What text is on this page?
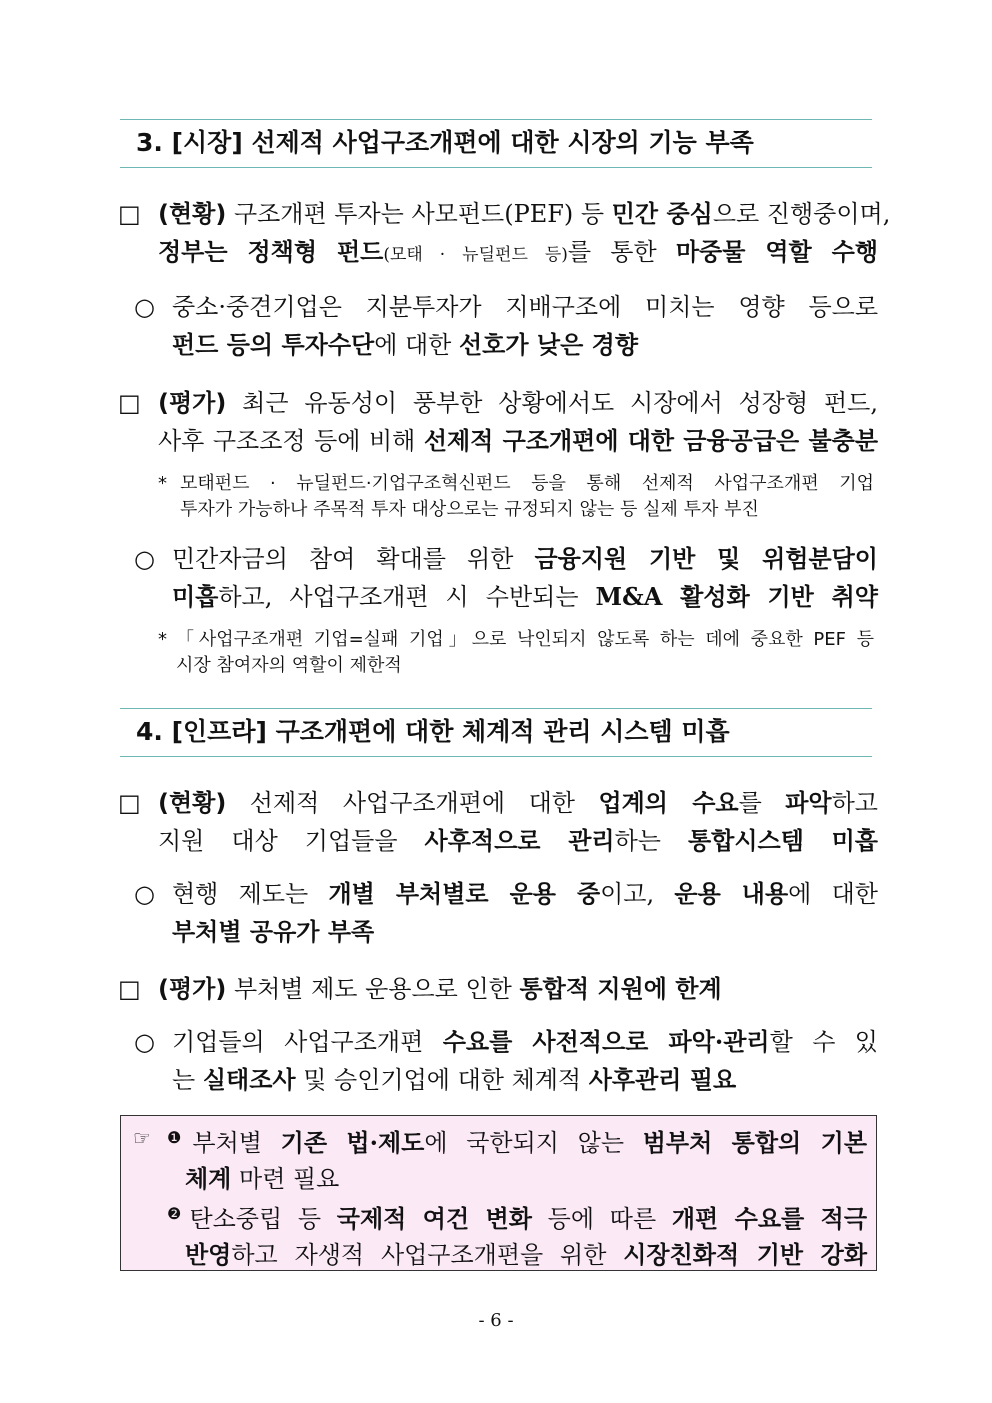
3. [시장] 선제적 사업구조개편에 대한 시장의 기능 부족
□ (현황) 구조개편 투자는 사모펀드(PEF) 등 민간 중심으로 진행중이며,
정부는 정책형 펀드(모태 · 뉴딜펀드 등)를 통한 마중물 역할 수행
○ 중소·중견기업은 지분투자가 지배구조에 미치는 영향 등으로
펀드 등의 투자수단에 대한 선호가 낮은 경향
□ (평가) 최근 유동성이 풍부한 상황에서도 시장에서 성장형 펀드,
사후 구조조정 등에 비해 선제적 구조개편에 대한 금융공급은 불충분
* 모태펀드 · 뉴딜펀드·기업구조혁신펀드 등을 통해 선제적 사업구조개편 기업
투자가 가능하나 주목적 투자 대상으로는 규정되지 않는 등 실제 투자 부진
○ 민간자금의 참여 확대를 위한 금융지원 기반 및 위험분담이
미흡하고, 사업구조개편 시 수반되는 M&A 활성화 기반 취약
* 「사업구조개편 기업=실패 기업」으로 낙인되지 않도록 하는 데에 중요한 PEF 등
시장 참여자의 역할이 제한적
4. [인프라] 구조개편에 대한 체계적 관리 시스템 미흡
□ (현황) 선제적 사업구조개편에 대한 업계의 수요를 파악하고
지원 대상 기업들을 사후적으로 관리하는 통합시스템 미흡
○ 현행 제도는 개별 부처별로 운용 중이고, 운용 내용에 대한
부처별 공유가 부족
□ (평가) 부처별 제도 운용으로 인한 통합적 지원에 한계
○ 기업들의 사업구조개편 수요를 사전적으로 파악·관리할 수 있
는 실태조사 및 승인기업에 대한 체계적 사후관리 필요
☞ $^❶$부처별 기존 법·제도에 국한되지 않는 범부처 통합의 기본
체계 마련 필요
$^❷$탄소중립 등 국제적 여건 변화 등에 따른 개편 수요를 적극
반영하고 자생적 사업구조개편을 위한 시장친화적 기반 강화
- 6 -
